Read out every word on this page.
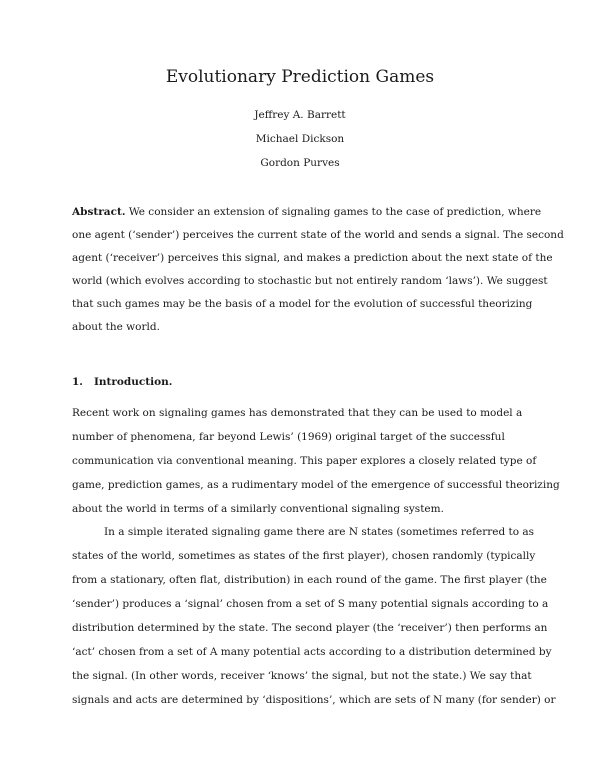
Evolutionary Prediction Games
Jeffrey A. Barrett
Michael Dickson
Gordon Purves
Abstract. We consider an extension of signaling games to the case of prediction, where
one agent (‘sender’) perceives the current state of the world and sends a signal. The second
agent (‘receiver’) perceives this signal, and makes a prediction about the next state of the
world (which evolves according to stochastic but not entirely random ‘laws’). We suggest
that such games may be the basis of a model for the evolution of successful theorizing
about the world.
1. Introduction.
Recent work on signaling games has demonstrated that they can be used to model a
number of phenomena, far beyond Lewis’ (1969) original target of the successful
communication via conventional meaning. This paper explores a closely related type of
game, prediction games, as a rudimentary model of the emergence of successful theorizing
about the world in terms of a similarly conventional signaling system.
In a simple iterated signaling game there are N states (sometimes referred to as
states of the world, sometimes as states of the first player), chosen randomly (typically
from a stationary, often flat, distribution) in each round of the game. The first player (the
‘sender’) produces a ‘signal’ chosen from a set of S many potential signals according to a
distribution determined by the state. The second player (the ‘receiver’) then performs an
‘act’ chosen from a set of A many potential acts according to a distribution determined by
the signal. (In other words, receiver ‘knows’ the signal, but not the state.) We say that
signals and acts are determined by ‘dispositions’, which are sets of N many (for sender) or
